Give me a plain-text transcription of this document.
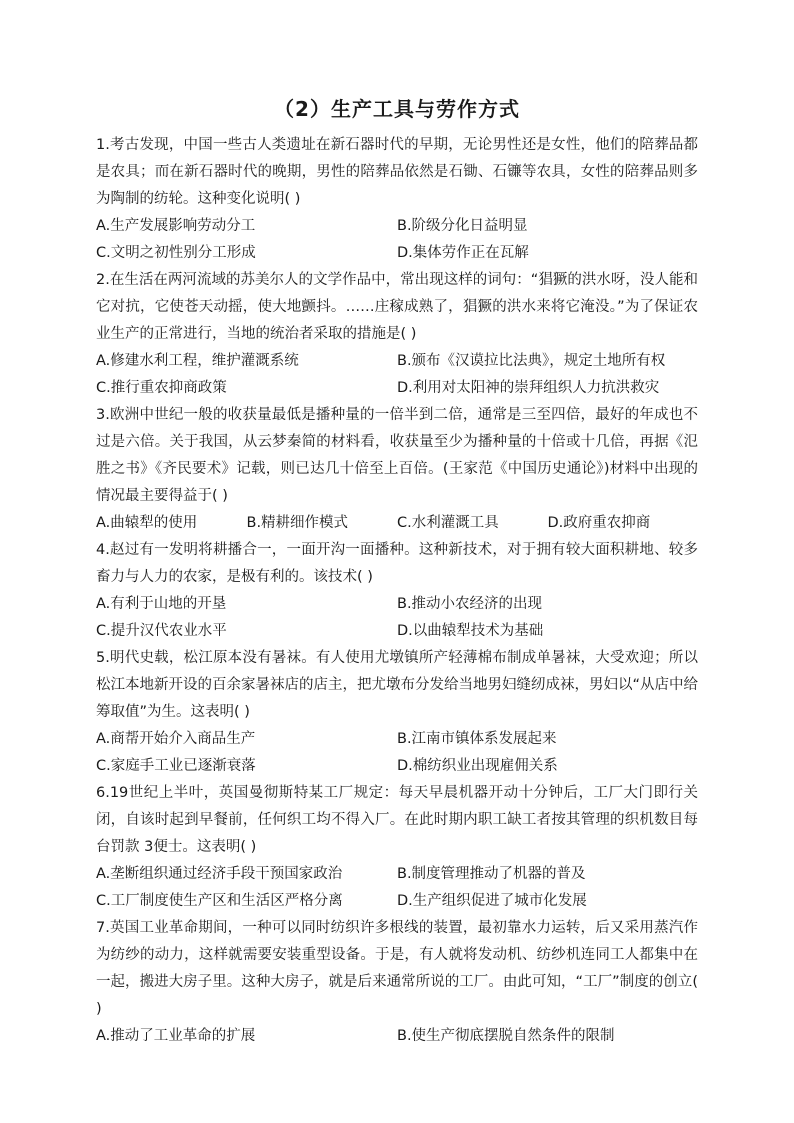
（2）生产工具与劳作方式

1.考古发现，中国一些古人类遗址在新石器时代的早期，无论男性还是女性，他们的陪葬品都是农具；而在新石器时代的晚期，男性的陪葬品依然是石锄、石镰等农具，女性的陪葬品则多为陶制的纺轮。这种变化说明( )

A.生产发展影响劳动分工	B.阶级分化日益明显
C.文明之初性别分工形成	D.集体劳作正在瓦解

2.在生活在两河流域的苏美尔人的文学作品中，常出现这样的词句：“猖獗的洪水呀，没人能和它对抗，它使苍天动摇，使大地颤抖。……庄稼成熟了，猖獗的洪水来将它淹没。”为了保证农业生产的正常进行，当地的统治者采取的措施是( )

A.修建水利工程，维护灌溉系统	B.颁布《汉谟拉比法典》，规定土地所有权
C.推行重农抑商政策	D.利用对太阳神的崇拜组织人力抗洪救灾

3.欧洲中世纪一般的收获量最低是播种量的一倍半到二倍，通常是三至四倍，最好的年成也不过是六倍。关于我国，从云梦秦简的材料看，收获量至少为播种量的十倍或十几倍，再据《氾胜之书》《齐民要术》记载，则已达几十倍至上百倍。(王家范《中国历史通论》)材料中出现的情况最主要得益于( )

A.曲辕犁的使用	B.精耕细作模式	C.水利灌溉工具	D.政府重农抑商

4.赵过有一发明将耕播合一，一面开沟一面播种。这种新技术，对于拥有较大面积耕地、较多畜力与人力的农家，是极有利的。该技术( )

A.有利于山地的开垦	B.推动小农经济的出现
C.提升汉代农业水平	D.以曲辕犁技术为基础

5.明代史载，松江原本没有暑袜。有人使用尤墩镇所产轻薄棉布制成单暑袜，大受欢迎；所以松江本地新开设的百余家暑袜店的店主，把尤墩布分发给当地男妇缝纫成袜，男妇以“从店中给筹取值”为生。这表明( )

A.商帮开始介入商品生产	B.江南市镇体系发展起来
C.家庭手工业已逐渐衰落	D.棉纺织业出现雇佣关系

6.19世纪上半叶，英国曼彻斯特某工厂规定：每天早晨机器开动十分钟后，工厂大门即行关闭，自该时起到早餐前，任何织工均不得入厂。在此时期内职工缺工者按其管理的织机数目每台罚款 3便士。这表明( )

A.垄断组织通过经济手段干预国家政治	B.制度管理推动了机器的普及
C.工厂制度使生产区和生活区严格分离	D.生产组织促进了城市化发展

7.英国工业革命期间，一种可以同时纺织许多根线的装置，最初靠水力运转，后又采用蒸汽作为纺纱的动力，这样就需要安装重型设备。于是，有人就将发动机、纺纱机连同工人都集中在一起，搬进大房子里。这种大房子，就是后来通常所说的工厂。由此可知，“工厂”制度的创立( )

A.推动了工业革命的扩展	B.使生产彻底摆脱自然条件的限制
